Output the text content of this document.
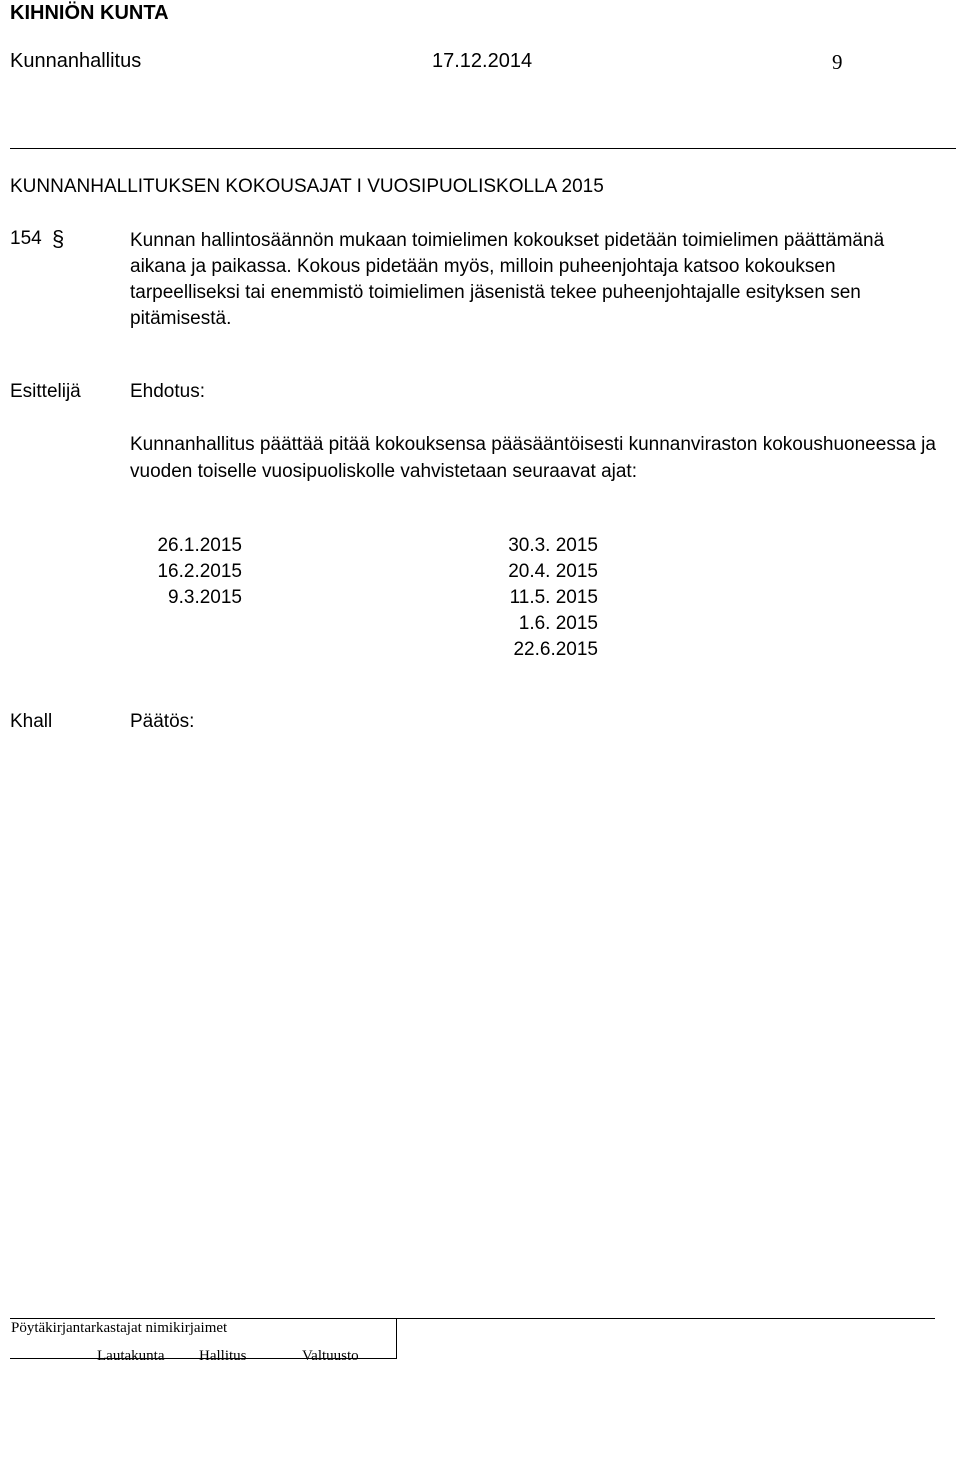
KIHNIÖN KUNTA
Kunnanhallitus	17.12.2014	9
KUNNANHALLITUKSEN KOKOUSAJAT I VUOSIPUOLISKOLLA 2015
154 §	Kunnan hallintosäännön mukaan toimielimen kokoukset pidetään toimielimen päättämänä aikana ja paikassa. Kokous pidetään myös, milloin puheenjohtaja katsoo kokouksen tarpeelliseksi tai enemmistö toimielimen jäsenistä tekee puheenjohtajalle esityksen sen pitämisestä.
Esittelijä	Ehdotus:
Kunnanhallitus päättää pitää kokouksensa pääsääntöisesti kunnanviraston kokoushuoneessa ja vuoden toiselle vuosipuoliskolle vahvistetaan seuraavat ajat:
26.1.2015
16.2.2015
9.3.2015
30.3. 2015
20.4. 2015
11.5. 2015
1.6. 2015
22.6.2015
Khall	Päätös:
Pöytäkirjantarkastajat nimikirjaimet
Lautakunta Hallitus	Valtuusto
